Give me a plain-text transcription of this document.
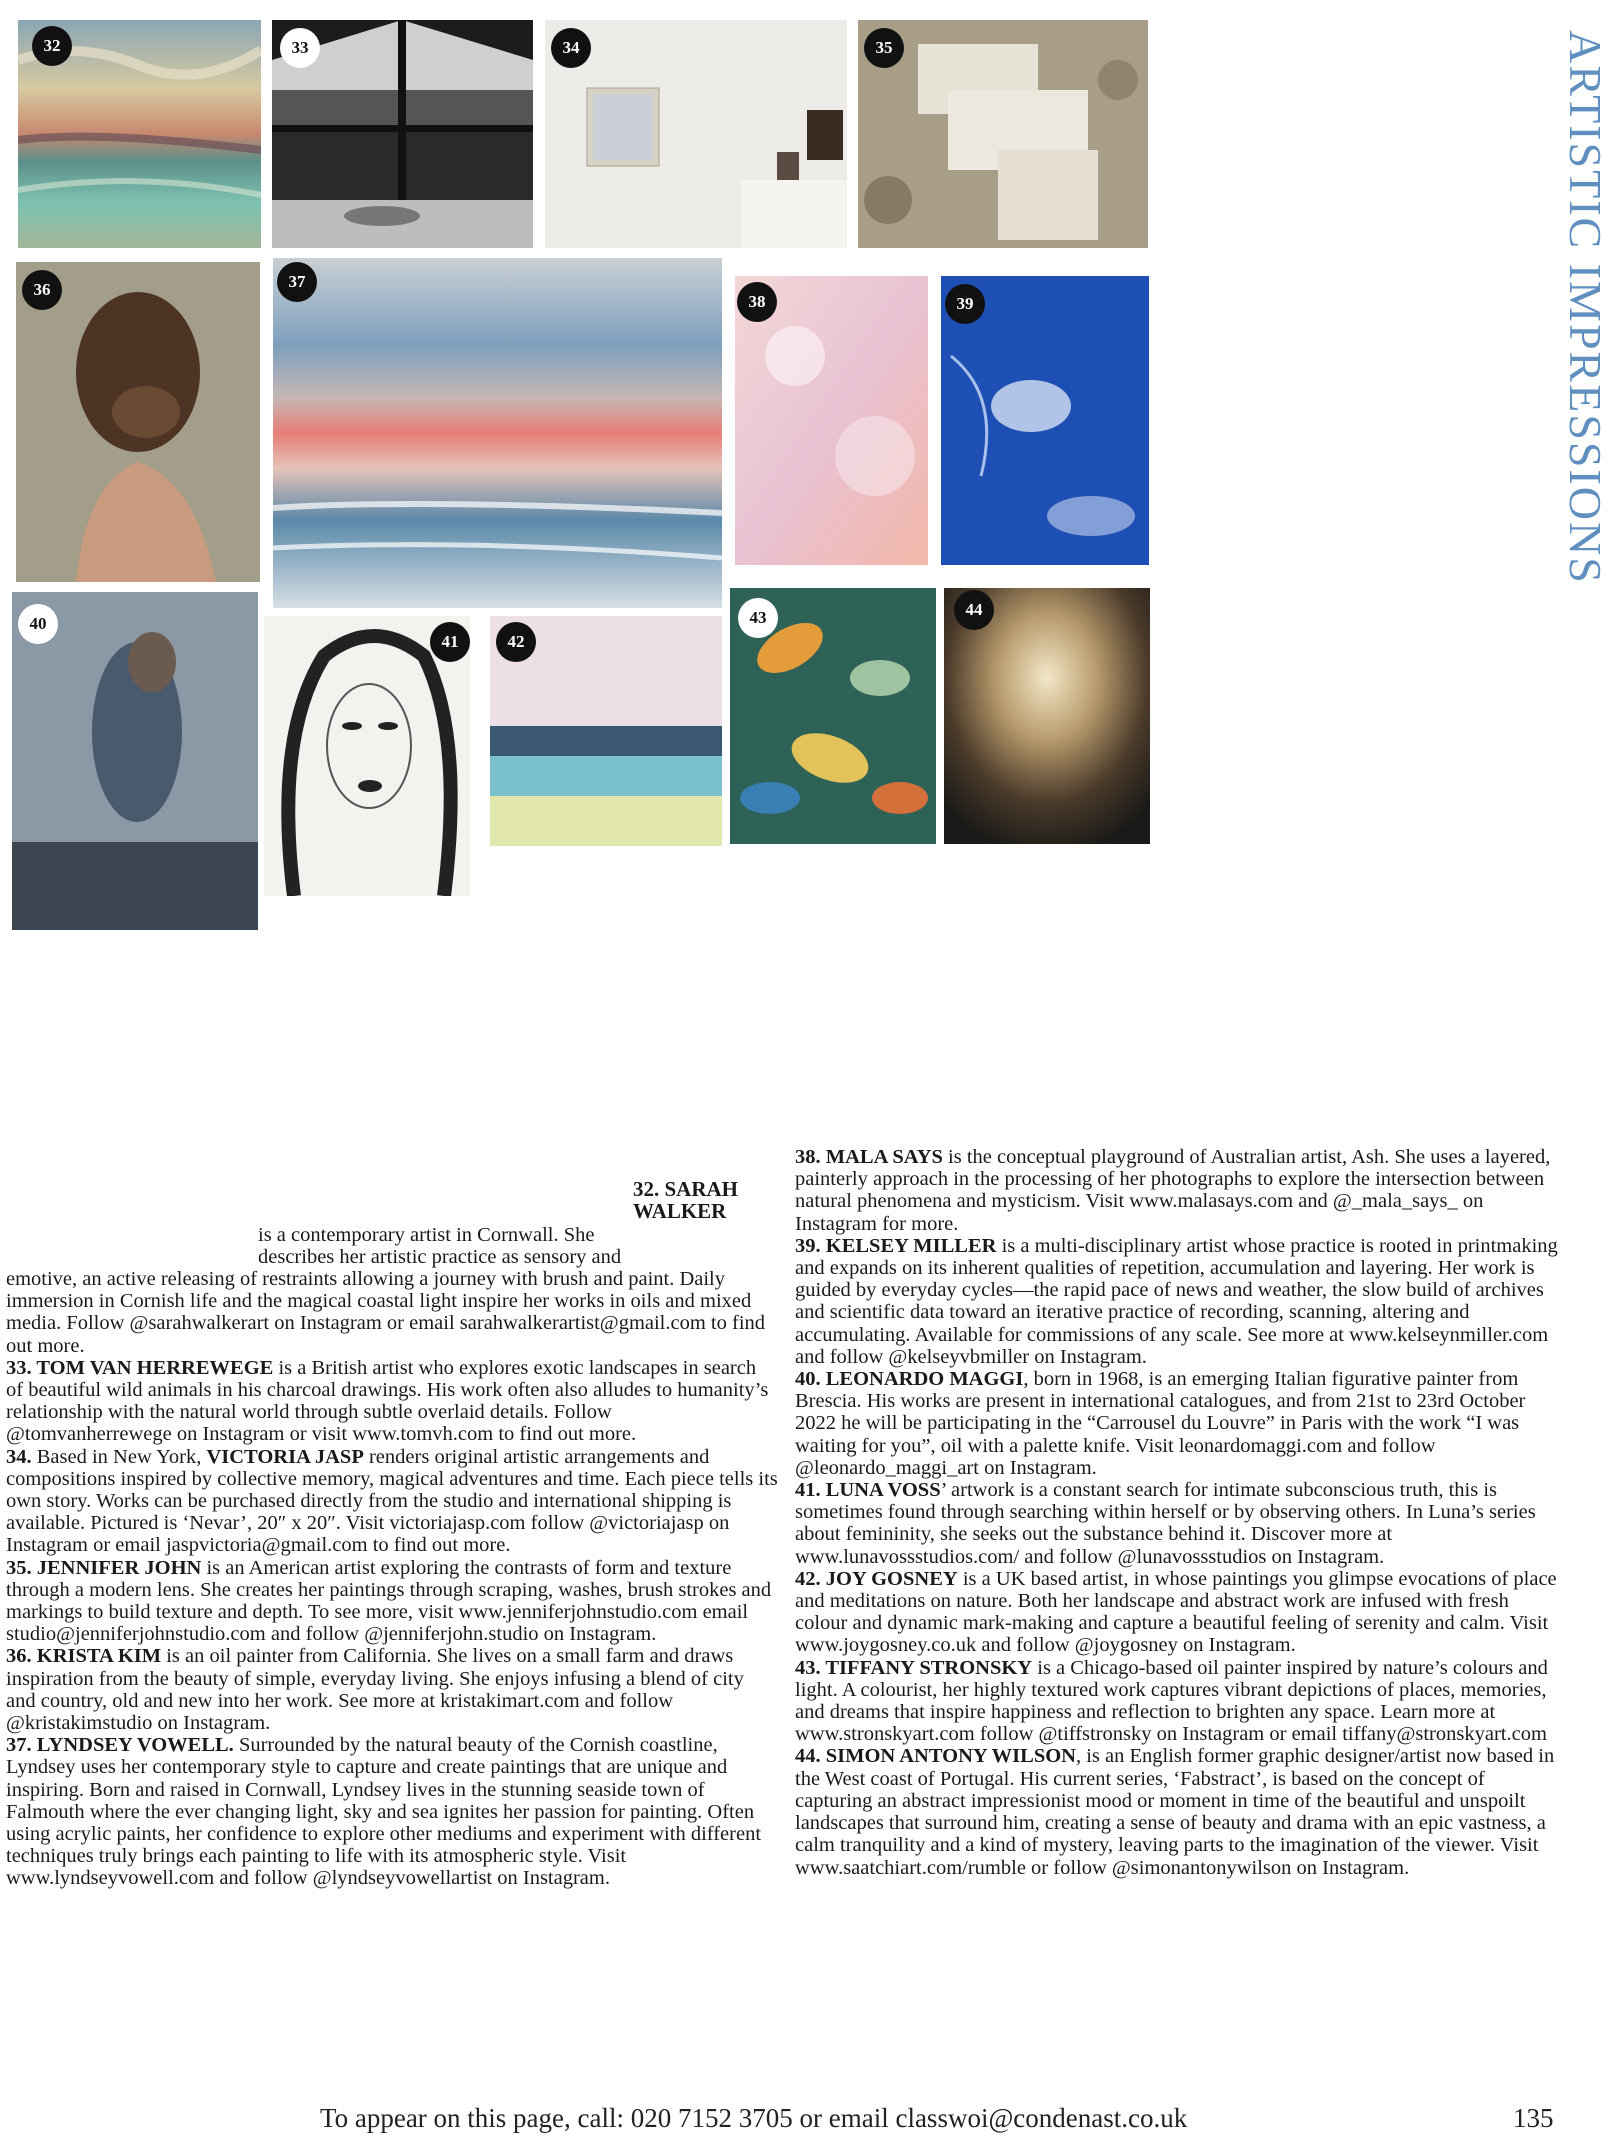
ARTISTIC IMPRESSIONS
32	33	34	35
36	37
38	39
40
41	42
43	44
32. SARAH
WALKER

is a contemporary artist in Cornwall. She

describes her artistic practice as sensory and

emotive, an active releasing of restraints allowing a journey with brush and paint. Daily immersion in Cornish life and the magical coastal light inspire her works in oils and mixed media. Follow @sarahwalkerart on Instagram or email sarahwalkerartist@gmail.com to find out more.

33. TOM VAN HERREWEGE is a British artist who explores exotic landscapes in search of beautiful wild animals in his charcoal drawings. His work often also alludes to humanity’s relationship with the natural world through subtle overlaid details. Follow @tomvanherrewege on Instagram or visit www.tomvh.com to find out more.

34. Based in New York, VICTORIA JASP renders original artistic arrangements and compositions inspired by collective memory, magical adventures and time. Each piece tells its own story. Works can be purchased directly from the studio and international shipping is available. Pictured is ‘Nevar’, 20″ x 20″. Visit victoriajasp.com follow @victoriajasp on Instagram or email jaspvictoria@gmail.com to find out more.

35. JENNIFER JOHN is an American artist exploring the contrasts of form and texture through a modern lens. She creates her paintings through scraping, washes, brush strokes and markings to build texture and depth. To see more, visit www.jenniferjohnstudio.com email studio@jenniferjohnstudio.com and follow @jenniferjohn.studio on Instagram.

36. KRISTA KIM is an oil painter from California. She lives on a small farm and draws inspiration from the beauty of simple, everyday living. She enjoys infusing a blend of city and country, old and new into her work. See more at kristakimart.com and follow @kristakimstudio on Instagram.

37. LYNDSEY VOWELL. Surrounded by the natural beauty of the Cornish coastline, Lyndsey uses her contemporary style to capture and create paintings that are unique and inspiring. Born and raised in Cornwall, Lyndsey lives in the stunning seaside town of Falmouth where the ever changing light, sky and sea ignites her passion for painting. Often using acrylic paints, her confidence to explore other mediums and experiment with different techniques truly brings each painting to life with its atmospheric style. Visit www.lyndseyvowell.com and follow @lyndseyvowellartist on Instagram.

38. MALA SAYS is the conceptual playground of Australian artist, Ash. She uses a layered, painterly approach in the processing of her photographs to explore the intersection between natural phenomena and mysticism. Visit www.malasays.com and @_mala_says_ on Instagram for more.

39. KELSEY MILLER is a multi-disciplinary artist whose practice is rooted in printmaking and expands on its inherent qualities of repetition, accumulation and layering. Her work is guided by everyday cycles—the rapid pace of news and weather, the slow build of archives and scientific data toward an iterative practice of recording, scanning, altering and accumulating. Available for commissions of any scale. See more at www.kelseynmiller.com and follow @kelseyvbmiller on Instagram.

40. LEONARDO MAGGI, born in 1968, is an emerging Italian figurative painter from Brescia. His works are present in international catalogues, and from 21st to 23rd October 2022 he will be participating in the “Carrousel du Louvre” in Paris with the work “I was waiting for you”, oil with a palette knife. Visit leonardomaggi.com and follow @leonardo_maggi_art on Instagram.

41. LUNA VOSS’ artwork is a constant search for intimate subconscious truth, this is sometimes found through searching within herself or by observing others. In Luna’s series about femininity, she seeks out the substance behind it. Discover more at www.lunavossstudios.com/ and follow @lunavossstudios on Instagram.

42. JOY GOSNEY is a UK based artist, in whose paintings you glimpse evocations of place and meditations on nature. Both her landscape and abstract work are infused with fresh colour and dynamic mark-making and capture a beautiful feeling of serenity and calm. Visit www.joygosney.co.uk and follow @joygosney on Instagram.

43. TIFFANY STRONSKY is a Chicago-based oil painter inspired by nature’s colours and light. A colourist, her highly textured work captures vibrant depictions of places, memories, and dreams that inspire happiness and reflection to brighten any space. Learn more at www.stronskyart.com follow @tiffstronsky on Instagram or email tiffany@stronskyart.com

44. SIMON ANTONY WILSON, is an English former graphic designer/artist now based in the West coast of Portugal. His current series, ‘Fabstract’, is based on the concept of capturing an abstract impressionist mood or moment in time of the beautiful and unspoilt landscapes that surround him, creating a sense of beauty and drama with an epic vastness, a calm tranquility and a kind of mystery, leaving parts to the imagination of the viewer. Visit www.saatchiart.com/rumble or follow @simonantonywilson on Instagram.

To appear on this page, call: 020 7152 3705 or email classwoi@condenast.co.uk	135
